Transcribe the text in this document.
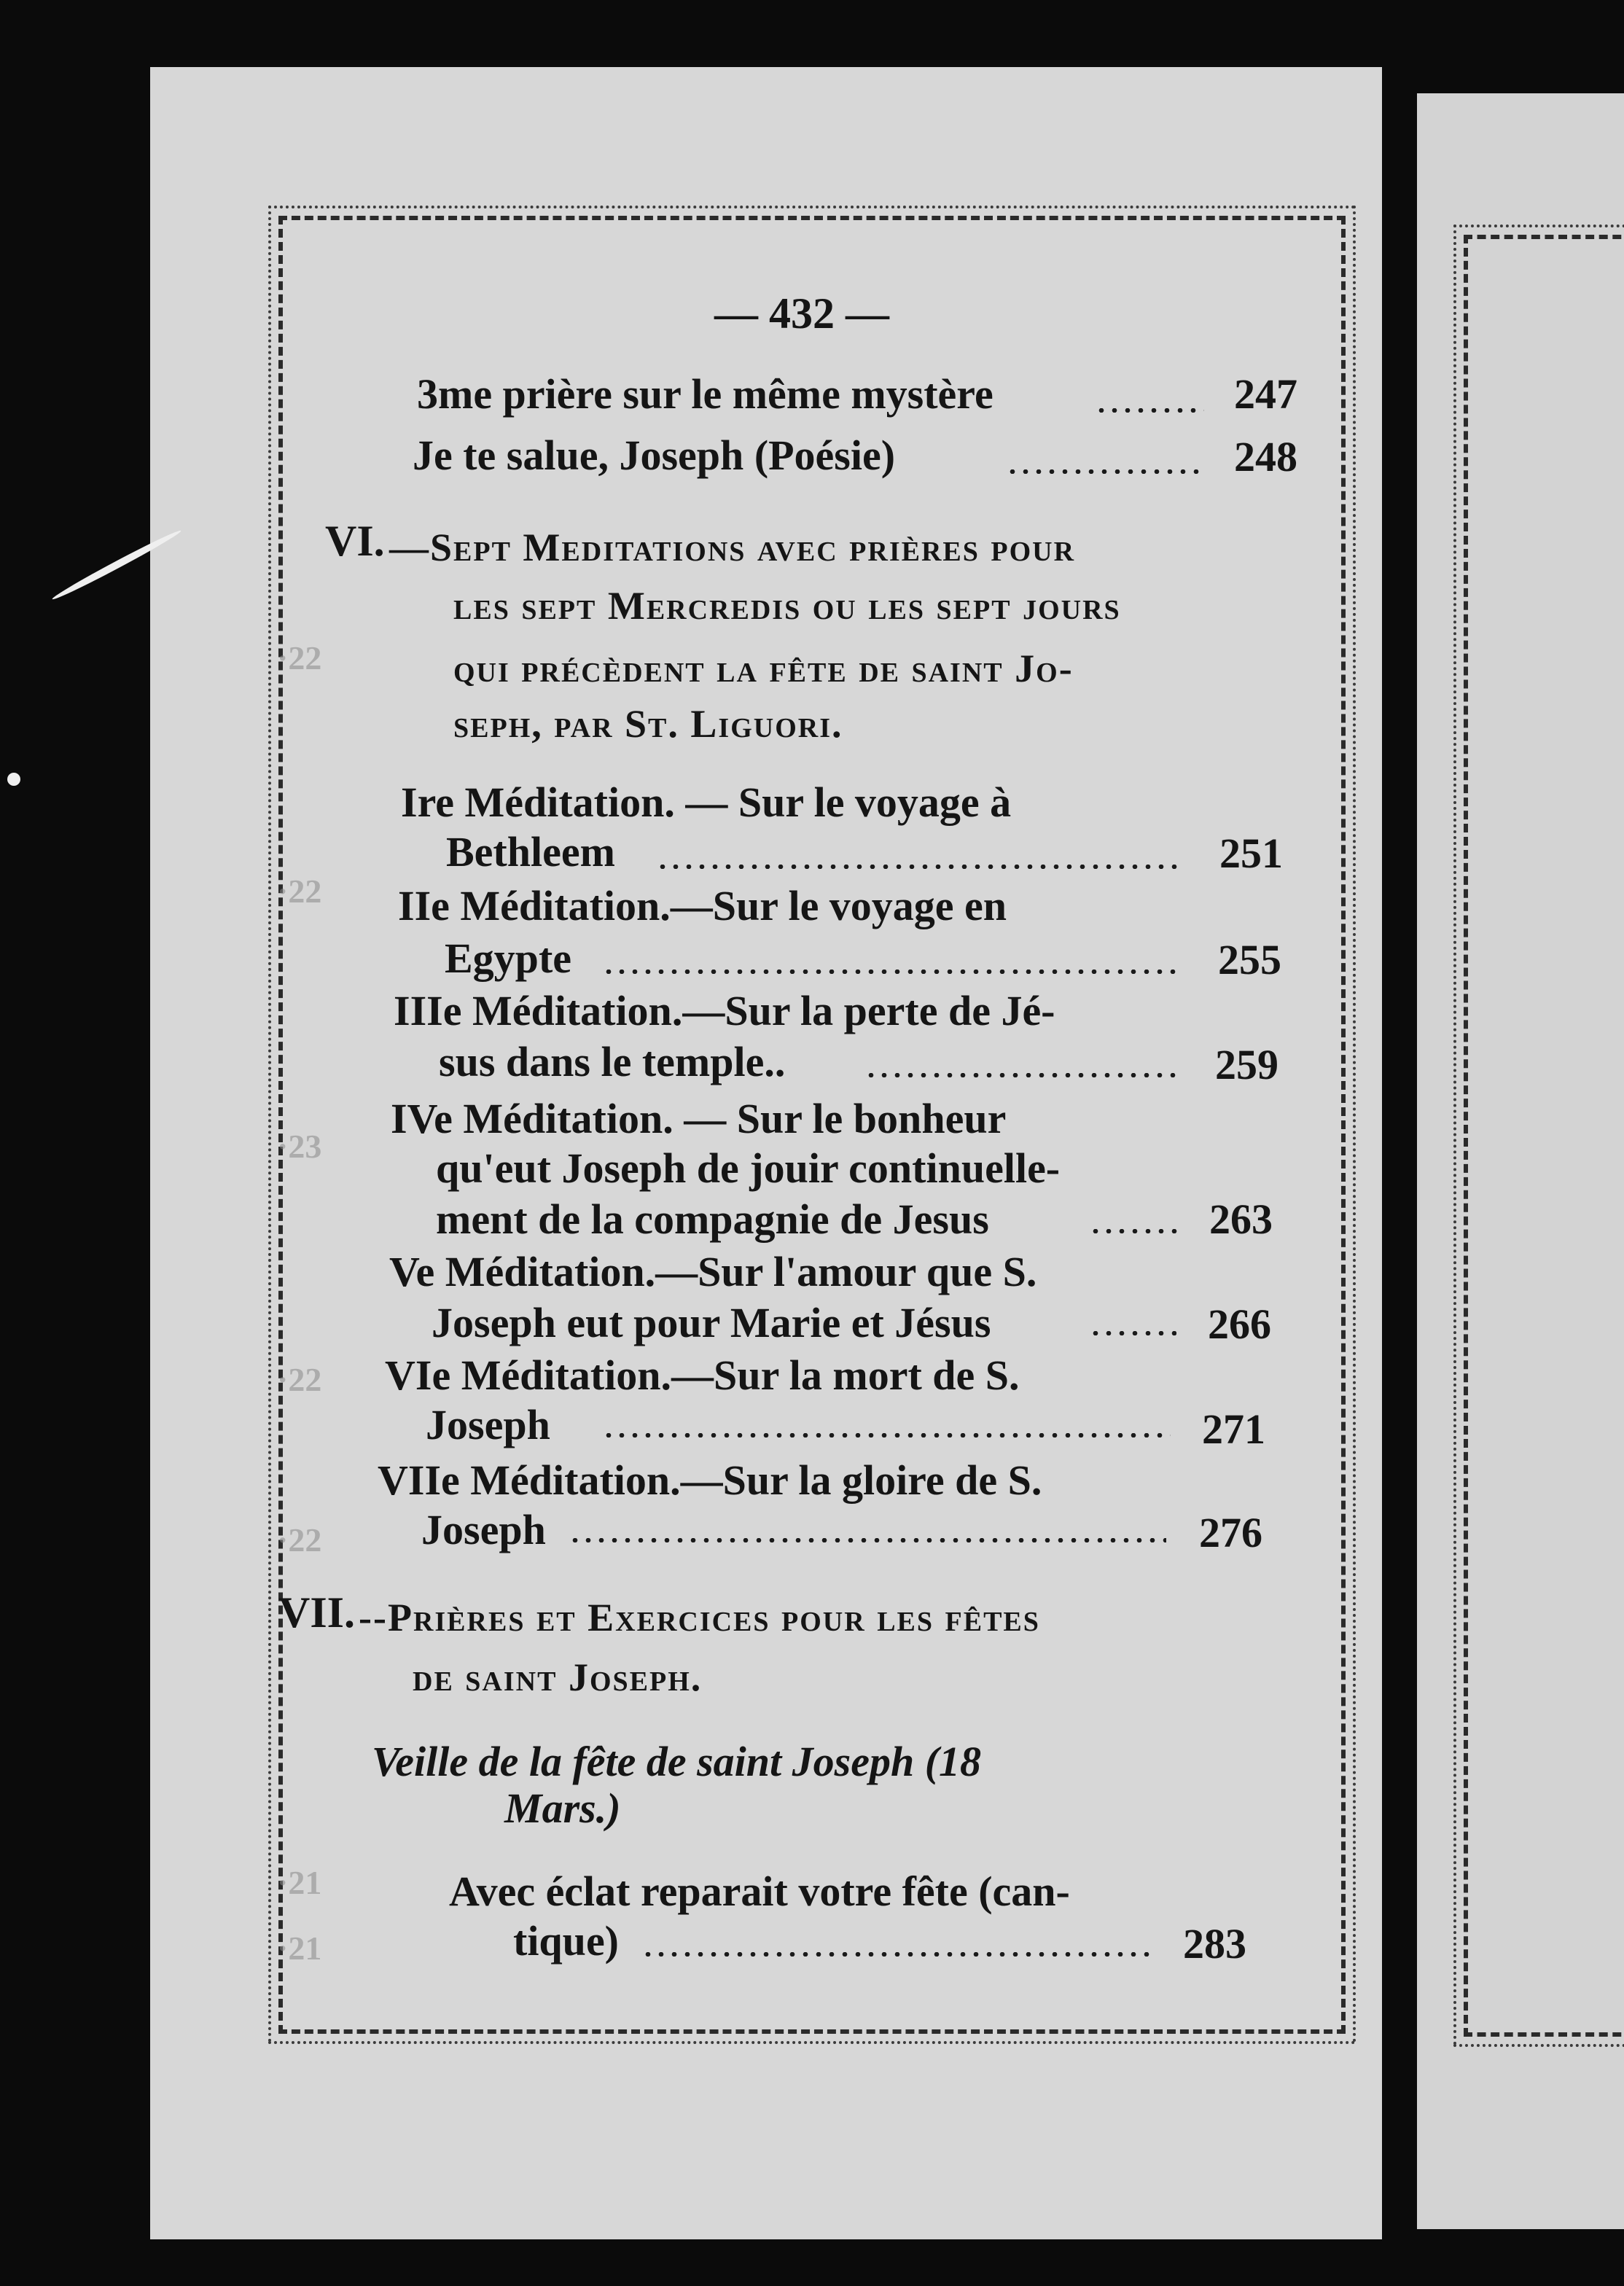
·22
·22
·23
·22
·22
·21
·21
— 432 —
3me prière sur le même mystère	247
Je te salue, Joseph (Poésie)	248
VI. —Sept Meditations avec prières pour
les sept Mercredis ou les sept jours
qui précèdent la fête de saint Jo-
seph, par St. Liguori.
Ire Méditation. — Sur le voyage à
Bethleem	251
IIe Méditation.—Sur le voyage en
Egypte	255
IIIe Méditation.—Sur la perte de Jé-
sus dans le temple..	259
IVe Méditation. — Sur le bonheur
qu'eut Joseph de jouir continuelle-
ment de la compagnie de Jesus	263
Ve Méditation.—Sur l'amour que S.
Joseph eut pour Marie et Jésus	266
VIe Méditation.—Sur la mort de S.
Joseph	271
VIIe Méditation.—Sur la gloire de S.
Joseph	276
VII. --Prières et Exercices pour les fêtes
de saint Joseph.
Veille de la fête de saint Joseph (18
Mars.)
Avec éclat reparait votre fête (can-
tique)	283
